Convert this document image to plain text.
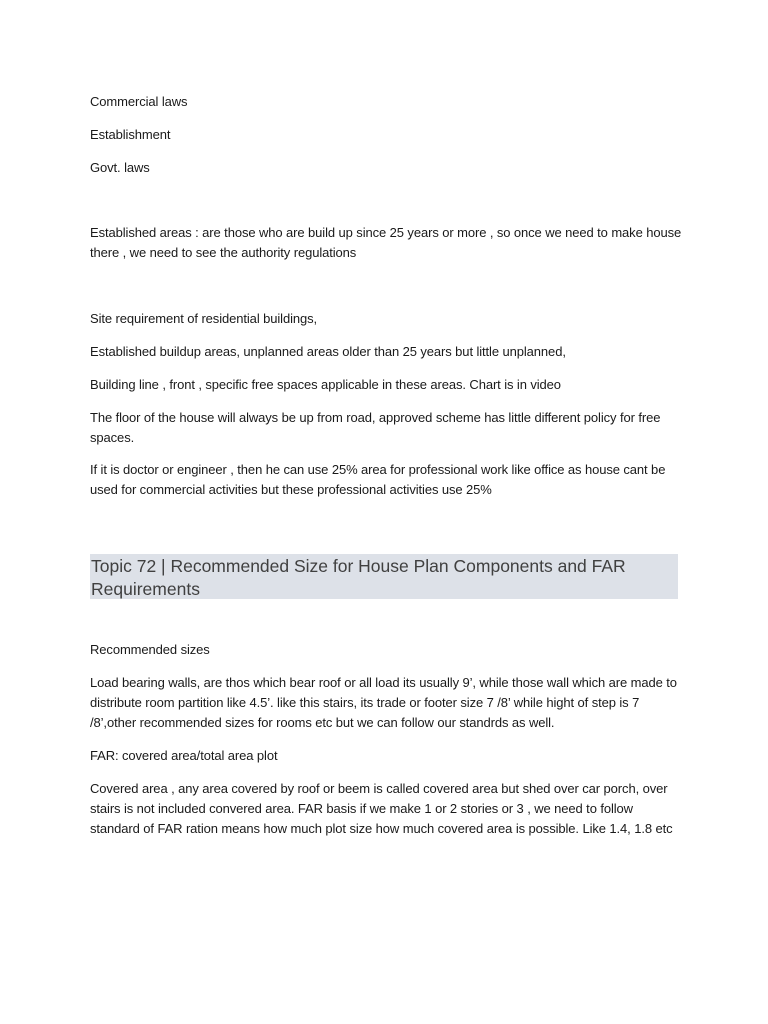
Commercial laws

Establishment

Govt. laws

Established areas : are those who are build up since 25 years or more , so once we need to make house there , we need to see the authority regulations

Site requirement of residential buildings,

Established buildup areas, unplanned areas older than 25 years but little unplanned,

Building line , front , specific free spaces applicable in these areas. Chart is in video

The floor of the house will always be up from road, approved scheme has little different policy for free spaces.

If it is doctor or engineer , then he can use 25% area for professional work like office as house cant be used for commercial activities but these professional activities use 25%

Topic 72 | Recommended Size for House Plan Components and FAR Requirements

Recommended sizes

Load bearing walls, are thos which bear roof or all load its usually 9’, while those wall which are made to distribute room partition like 4.5’. like this stairs, its trade or footer size 7 /8’ while hight of step is 7 /8’,other recommended sizes for rooms etc but we can follow our standrds as well.

FAR: covered area/total area plot

Covered area , any area covered by roof or beem is called covered area but shed over car porch, over stairs is not included convered area. FAR basis if we make 1 or 2 stories or 3 , we need to follow standard of FAR ration means how much plot size how much covered area is possible. Like 1.4, 1.8 etc
